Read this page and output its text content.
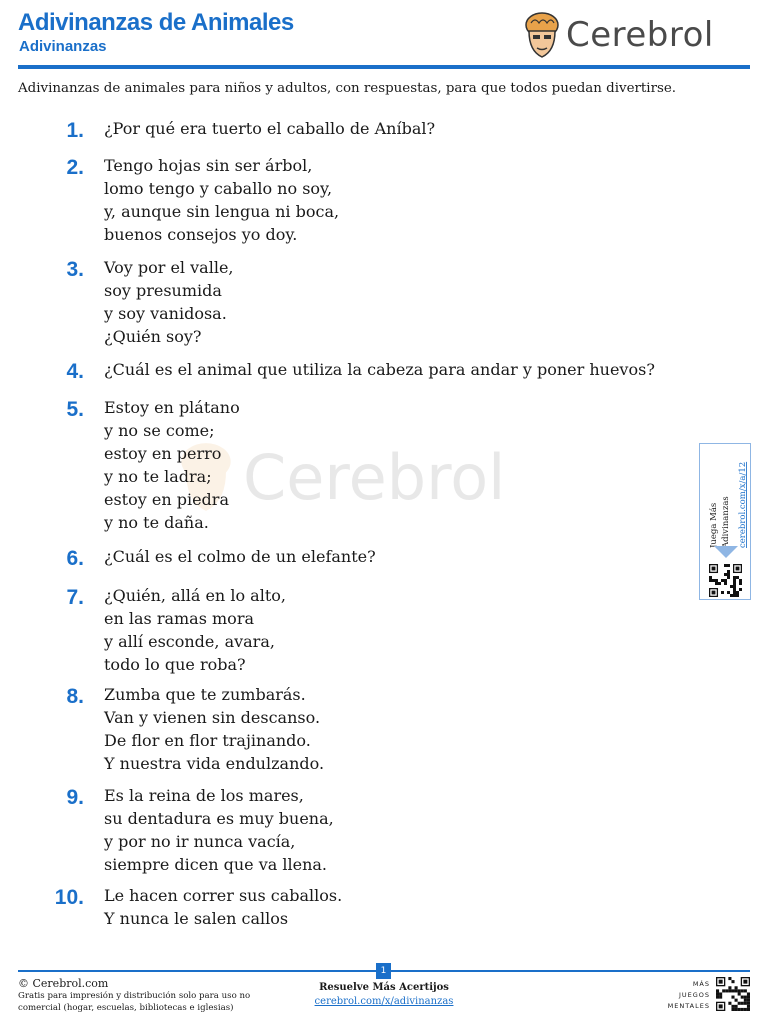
Adivinanzas de Animales
Adivinanzas	Cerebrol
Adivinanzas de animales para niños y adultos, con respuestas, para que todos puedan divertirse.
Cerebrol
1. ¿Por qué era tuerto el caballo de Aníbal?
2. Tengo hojas sin ser árbol,
lomo tengo y caballo no soy,
y, aunque sin lengua ni boca,
buenos consejos yo doy.
3. Voy por el valle,
soy presumida
y soy vanidosa.
¿Quién soy?
4. ¿Cuál es el animal que utiliza la cabeza para andar y poner huevos?
5. Estoy en plátano
y no se come;
estoy en perro
y no te ladra;
estoy en piedra
y no te daña.
6. ¿Cuál es el colmo de un elefante?
7. ¿Quién, allá en lo alto,
en las ramas mora
y allí esconde, avara,
todo lo que roba?
8. Zumba que te zumbarás.
Van y vienen sin descanso.
De flor en flor trajinando.
Y nuestra vida endulzando.
9. Es la reina de los mares,
su dentadura es muy buena,
y por no ir nunca vacía,
siempre dicen que va llena.
10. Le hacen correr sus caballos.
Y nunca le salen callos
Juega Más Adivinanzas cerebrol.com/x/a/12
1
© Cerebrol.com
Gratis para impresión y distribución solo para uso no comercial (hogar, escuelas, bibliotecas e iglesias)
Resuelve Más Acertijos
cerebrol.com/x/adivinanzas
MÁS
JUEGOS
MENTALES
